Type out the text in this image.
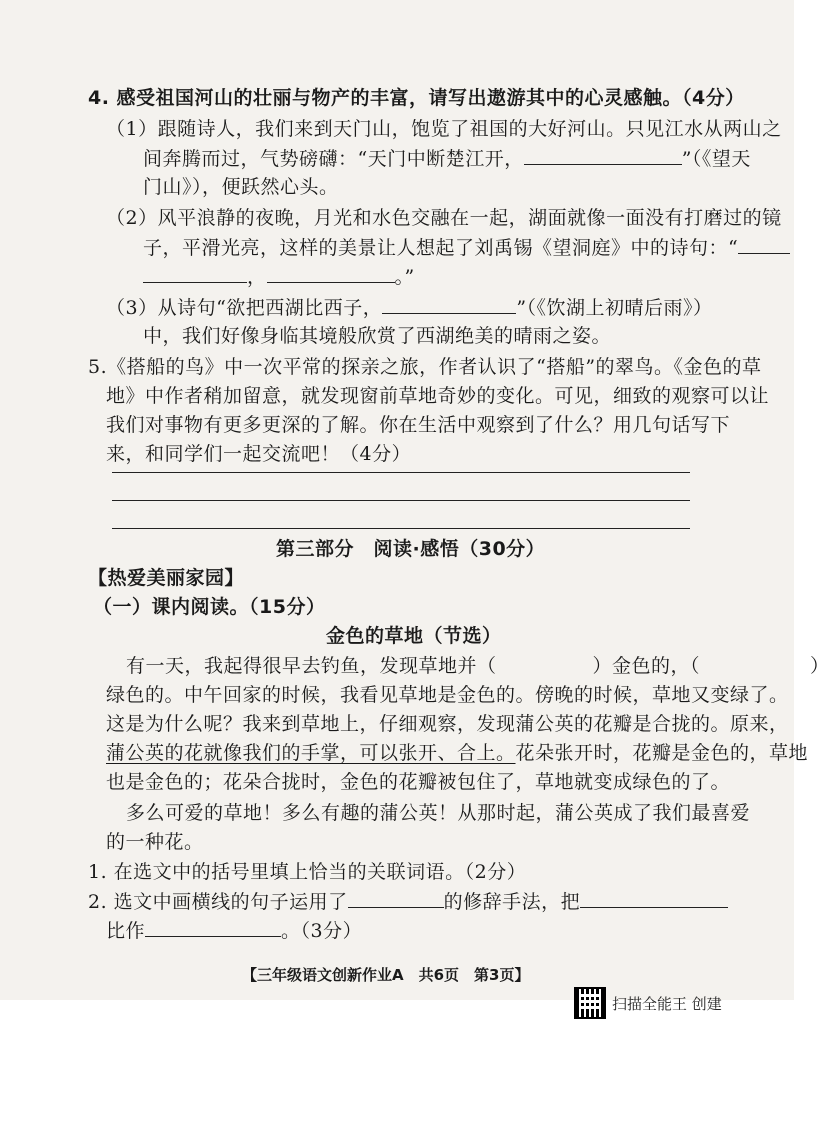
4. 感受祖国河山的壮丽与物产的丰富，请写出遨游其中的心灵感触。（4分）
（1）跟随诗人，我们来到天门山，饱览了祖国的大好河山。只见江水从两山之
间奔腾而过，气势磅礴：“天门中断楚江开，	”（《望天
门山》），便跃然心头。
（2）风平浪静的夜晚，月光和水色交融在一起，湖面就像一面没有打磨过的镜
子，平滑光亮，这样的美景让人想起了刘禹锡《望洞庭》中的诗句：“
，	。”
（3）从诗句“欲把西湖比西子，	”（《饮湖上初晴后雨》）
中，我们好像身临其境般欣赏了西湖绝美的晴雨之姿。
5.《搭船的鸟》中一次平常的探亲之旅，作者认识了“搭船”的翠鸟。《金色的草
地》中作者稍加留意，就发现窗前草地奇妙的变化。可见，细致的观察可以让
我们对事物有更多更深的了解。你在生活中观察到了什么？用几句话写下
来，和同学们一起交流吧！（4分）
第三部分　阅读·感悟（30分）
【热爱美丽家园】
（一）课内阅读。（15分）
金色的草地（节选）
有一天，我起得很早去钓鱼，发现草地并（	）金色的，（	）
绿色的。中午回家的时候，我看见草地是金色的。傍晚的时候，草地又变绿了。
这是为什么呢？我来到草地上，仔细观察，发现蒲公英的花瓣是合拢的。原来，
蒲公英的花就像我们的手掌，可以张开、合上。花朵张开时，花瓣是金色的，草地
也是金色的；花朵合拢时，金色的花瓣被包住了，草地就变成绿色的了。
多么可爱的草地！多么有趣的蒲公英！从那时起，蒲公英成了我们最喜爱
的一种花。
1. 在选文中的括号里填上恰当的关联词语。（2分）
2. 选文中画横线的句子运用了	的修辞手法，把
比作	。（3分）
【三年级语文创新作业A　共6页　第3页】
扫描全能王 创建
